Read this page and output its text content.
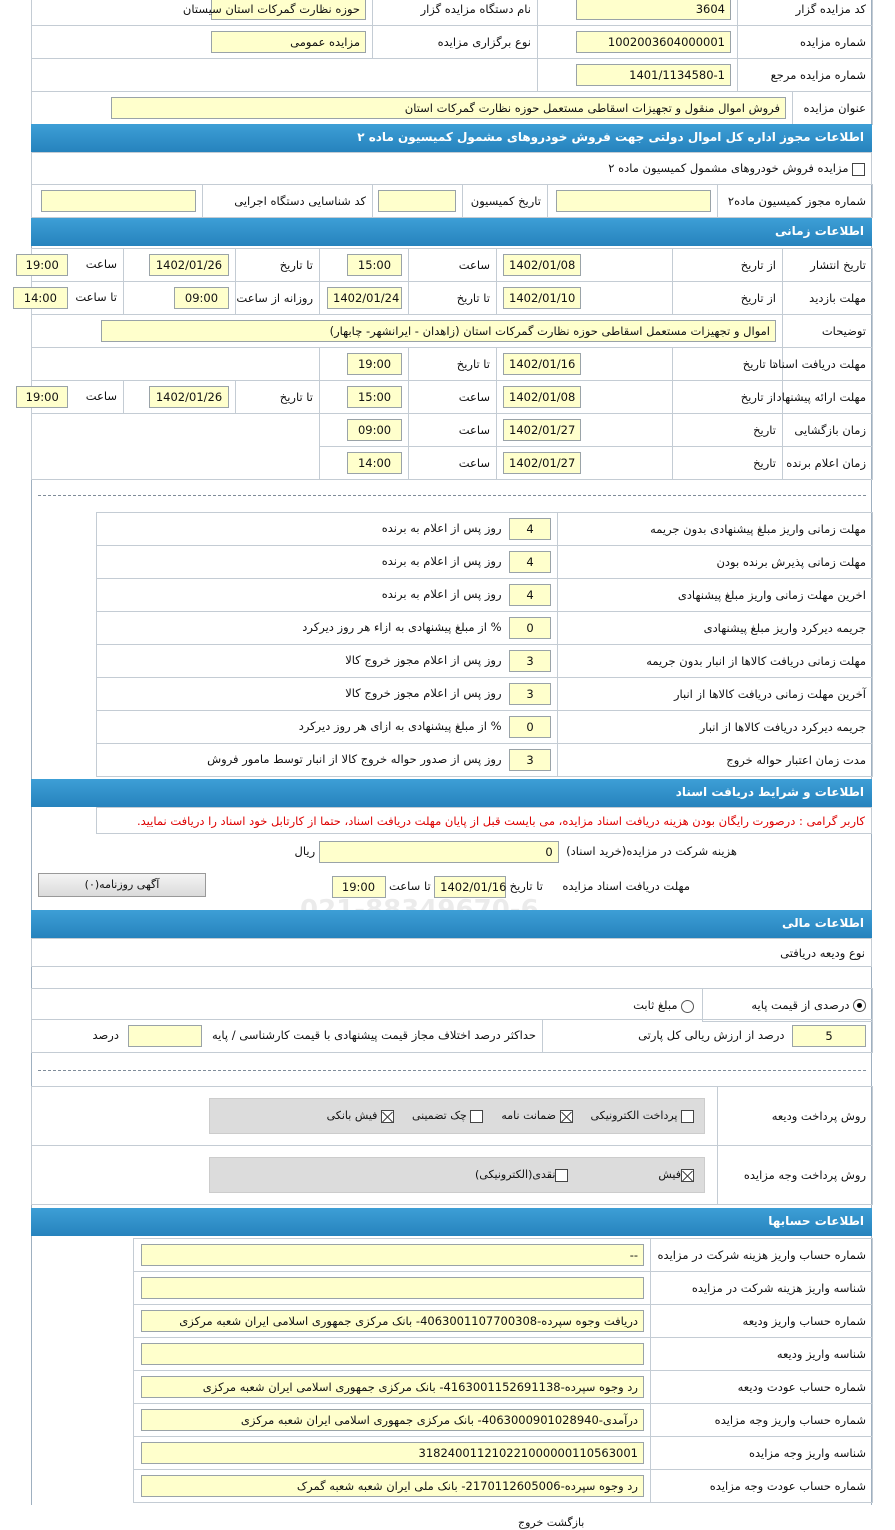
کد مزایده گزار	3604	نام دستگاه مزایده گزار	حوزه نظارت گمرکات استان سیستان
شماره مزایده	1002003604000001	نوع برگزاری مزایده	مزایده عمومی
شماره مزایده مرجع	1401/1134580-1		
عنوان مزایده	فروش اموال منقول و تجهیزات اسقاطی مستعمل حوزه نظارت گمرکات استان
اطلاعات مجوز اداره کل اموال دولتی جهت فروش خودروهای مشمول کمیسیون ماده ۲
مزایده فروش خودروهای مشمول کمیسیون ماده ۲
شماره مجوز کمیسیون ماده۲		تاریخ کمیسیون		کد شناسایی دستگاه اجرایی	
اطلاعات زمانی
تاریخ انتشار	از تاریخ	1402/01/08	ساعت	15:00	تا تاریخ	1402/01/26	ساعت 19:00
مهلت بازدید	از تاریخ	1402/01/10	تا تاریخ	1402/01/24	روزانه از ساعت	09:00	تا ساعت 14:00
توضیحات	اموال و تجهیزات مستعمل اسقاطی حوزه نظارت گمرکات استان (زاهدان - ایرانشهر- چابهار)
مهلت دریافت اسناد	تا تاریخ	1402/01/16	تا تاریخ	19:00			
مهلت ارائه پیشنهاد	از تاریخ	1402/01/08	ساعت	15:00	تا تاریخ	1402/01/26	ساعت 19:00
زمان بازگشایی	تاریخ	1402/01/27	ساعت	09:00			
زمان اعلام برنده	تاریخ	1402/01/27	ساعت	14:00			
مهلت زمانی واریز مبلغ پیشنهادی بدون جریمه	4 روز پس از اعلام به برنده
مهلت زمانی پذیرش برنده بودن	4 روز پس از اعلام به برنده
اخرین مهلت زمانی واریز مبلغ پیشنهادی	4 روز پس از اعلام به برنده
جریمه دیرکرد واریز مبلغ پیشنهادی	0 % از مبلغ پیشنهادی به ازاء هر روز دیرکرد
مهلت زمانی دریافت کالاها از انبار بدون جریمه	3 روز پس از اعلام مجوز خروج کالا
آخرین مهلت زمانی دریافت کالاها از انبار	3 روز پس از اعلام مجوز خروج کالا
جریمه دیرکرد دریافت کالاها از انبار	0 % از مبلغ پیشنهادی به ازای هر روز دیرکرد
مدت زمان اعتبار حواله خروج	3 روز پس از صدور حواله خروج کالا از انبار توسط مامور فروش
اطلاعات و شرایط دریافت اسناد
کاربر گرامی : درصورت رایگان بودن هزینه دریافت اسناد مزایده، می بایست قبل از پایان مهلت دریافت اسناد، حتما از کارتابل خود اسناد را دریافت نمایید.
هزینه شرکت در مزایده(خرید اسناد) 0 ریال
مهلت دریافت اسناد مزایده تا تاریخ 1402/01/16 تا ساعت 19:00
آگهی روزنامه(۰)
اطلاعات مالی
نوع ودیعه دریافتی
درصدی از قیمت پایه	مبلغ ثابت
5 درصد از ارزش ریالی کل پارتی	حداکثر درصد اختلاف مجاز قیمت پیشنهادی با قیمت کارشناسی / پایه  درصد
روش پرداخت ودیعه	پرداخت الکترونیکی
ضمانت نامه
چک تضمینی
فیش بانکی

روش پرداخت وجه مزایده	فیش
نقدی(الکترونیکی)
اطلاعات حسابها
شماره حساب واریز هزینه شرکت در مزایده	--
شناسه واریز هزینه شرکت در مزایده	
شماره حساب واریز ودیعه	دریافت وجوه سپرده-4063001107700308- بانک مرکزی جمهوری اسلامی ایران شعبه مرکزی
شناسه واریز ودیعه	
شماره حساب عودت ودیعه	رد وجوه سپرده-4163001152691138- بانک مرکزی جمهوری اسلامی ایران شعبه مرکزی
شماره حساب واریز وجه مزایده	درآمدی-4063000901028940- بانک مرکزی جمهوری اسلامی ایران شعبه مرکزی
شناسه واریز وجه مزایده	318240011210221000000110563001
شماره حساب عودت وجه مزایده	رد وجوه سپرده-2170112605006- بانک ملی ایران شعبه شعبه گمرک
بازگشت خروج
